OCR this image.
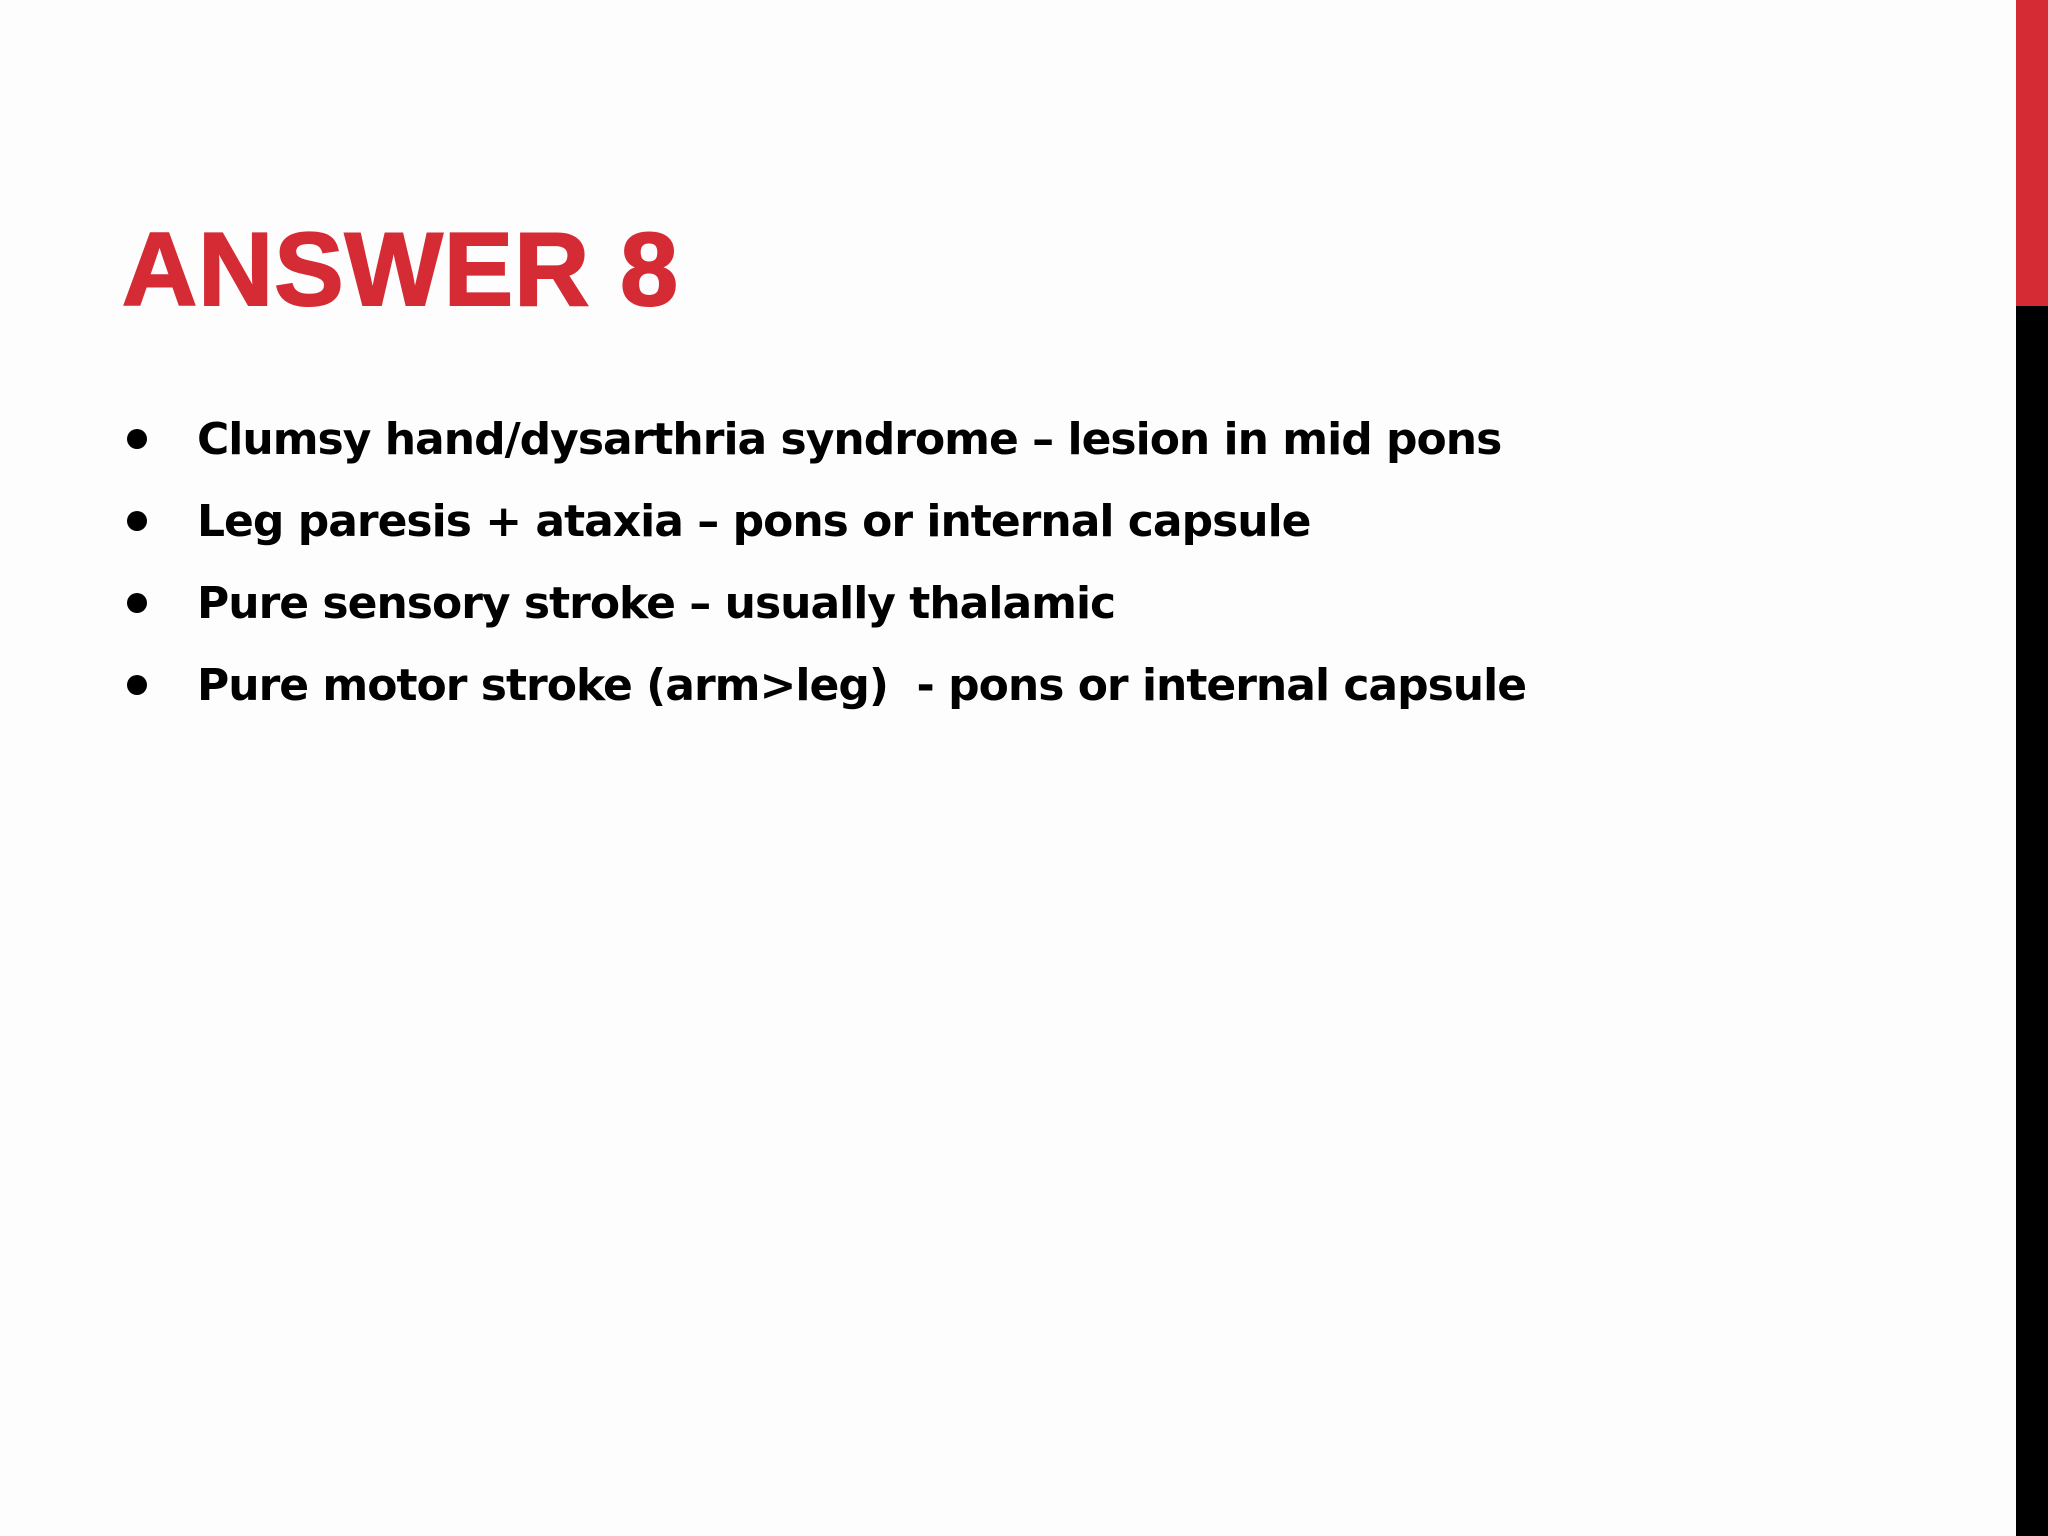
ANSWER 8
Clumsy hand/dysarthria syndrome – lesion in mid pons
Leg paresis + ataxia – pons or internal capsule
Pure sensory stroke – usually thalamic
Pure motor stroke (arm>leg)  - pons or internal capsule
